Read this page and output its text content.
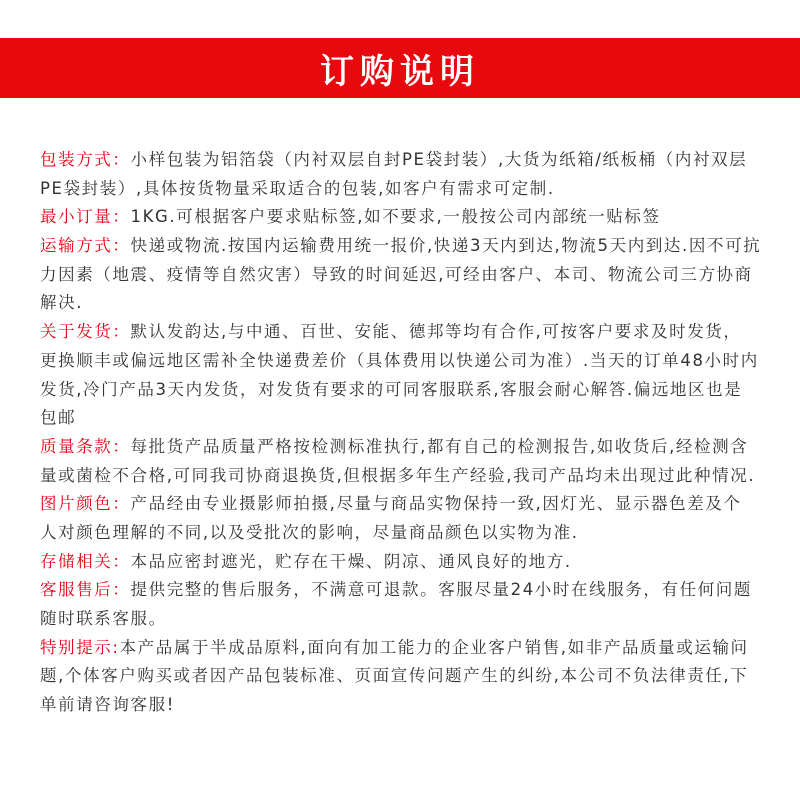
订购说明
包装方式：小样包装为铝箔袋（内衬双层自封PE袋封装）,大货为纸箱/纸板桶（内衬双层
PE袋封装）,具体按货物量采取适合的包装,如客户有需求可定制.
最小订量：1KG.可根据客户要求贴标签,如不要求,一般按公司内部统一贴标签
运输方式：快递或物流.按国内运输费用统一报价,快递3天内到达,物流5天内到达.因不可抗
力因素（地震、疫情等自然灾害）导致的时间延迟,可经由客户、本司、物流公司三方协商
解决.
关于发货：默认发韵达,与中通、百世、安能、德邦等均有合作,可按客户要求及时发货，
更换顺丰或偏远地区需补全快递费差价（具体费用以快递公司为准）.当天的订单48小时内
发货,冷门产品3天内发货，对发货有要求的可同客服联系,客服会耐心解答.偏远地区也是
包邮
质量条款：每批货产品质量严格按检测标准执行,都有自己的检测报告,如收货后,经检测含
量或菌检不合格,可同我司协商退换货,但根据多年生产经验,我司产品均未出现过此种情况.
图片颜色：产品经由专业摄影师拍摄,尽量与商品实物保持一致,因灯光、显示器色差及个
人对颜色理解的不同,以及受批次的影响，尽量商品颜色以实物为准.
存储相关：本品应密封遮光，贮存在干燥、阴凉、通风良好的地方.
客服售后：提供完整的售后服务，不满意可退款。客服尽量24小时在线服务，有任何问题
随时联系客服。
特别提示:本产品属于半成品原料,面向有加工能力的企业客户销售,如非产品质量或运输问
题,个体客户购买或者因产品包装标准、页面宣传问题产生的纠纷,本公司不负法律责任,下
单前请咨询客服!
